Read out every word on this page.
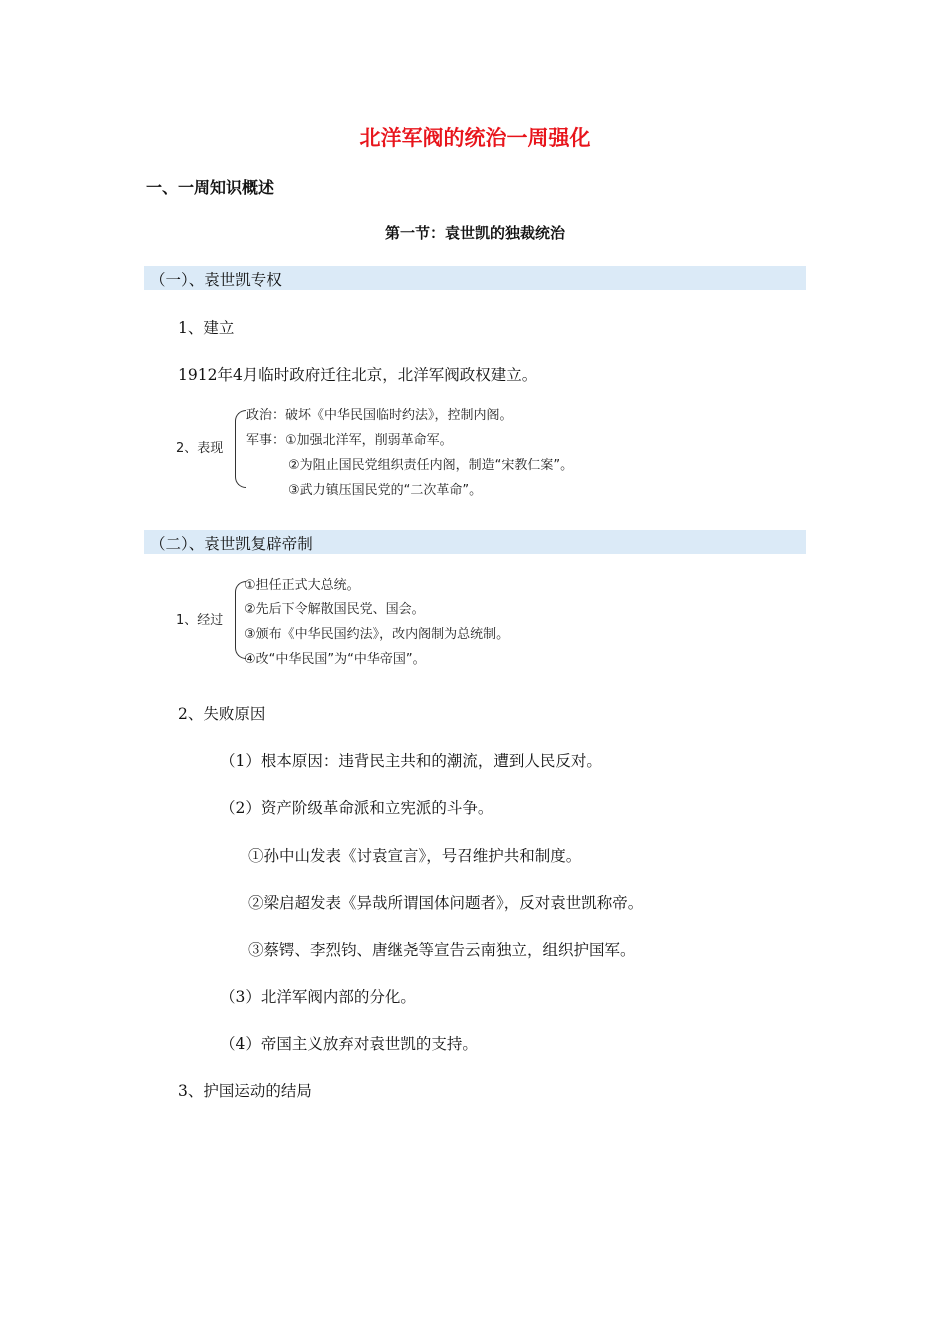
北洋军阀的统治一周强化
一、一周知识概述
第一节：袁世凯的独裁统治
（一）、袁世凯专权
1、建立
1912年4月临时政府迁往北京，北洋军阀政权建立。
2、表现
政治：破坏《中华民国临时约法》，控制内阁。
军事：①加强北洋军，削弱革命军。
②为阻止国民党组织责任内阁，制造“宋教仁案”。
③武力镇压国民党的“二次革命”。
（二）、袁世凯复辟帝制
1、经过
①担任正式大总统。
②先后下令解散国民党、国会。
③颁布《中华民国约法》，改内阁制为总统制。
④改“中华民国”为“中华帝国”。
2、失败原因
（1）根本原因：违背民主共和的潮流，遭到人民反对。
（2）资产阶级革命派和立宪派的斗争。
①孙中山发表《讨袁宣言》，号召维护共和制度。
②梁启超发表《异哉所谓国体问题者》，反对袁世凯称帝。
③蔡锷、李烈钧、唐继尧等宣告云南独立，组织护国军。
（3）北洋军阀内部的分化。
（4）帝国主义放弃对袁世凯的支持。
3、护国运动的结局
